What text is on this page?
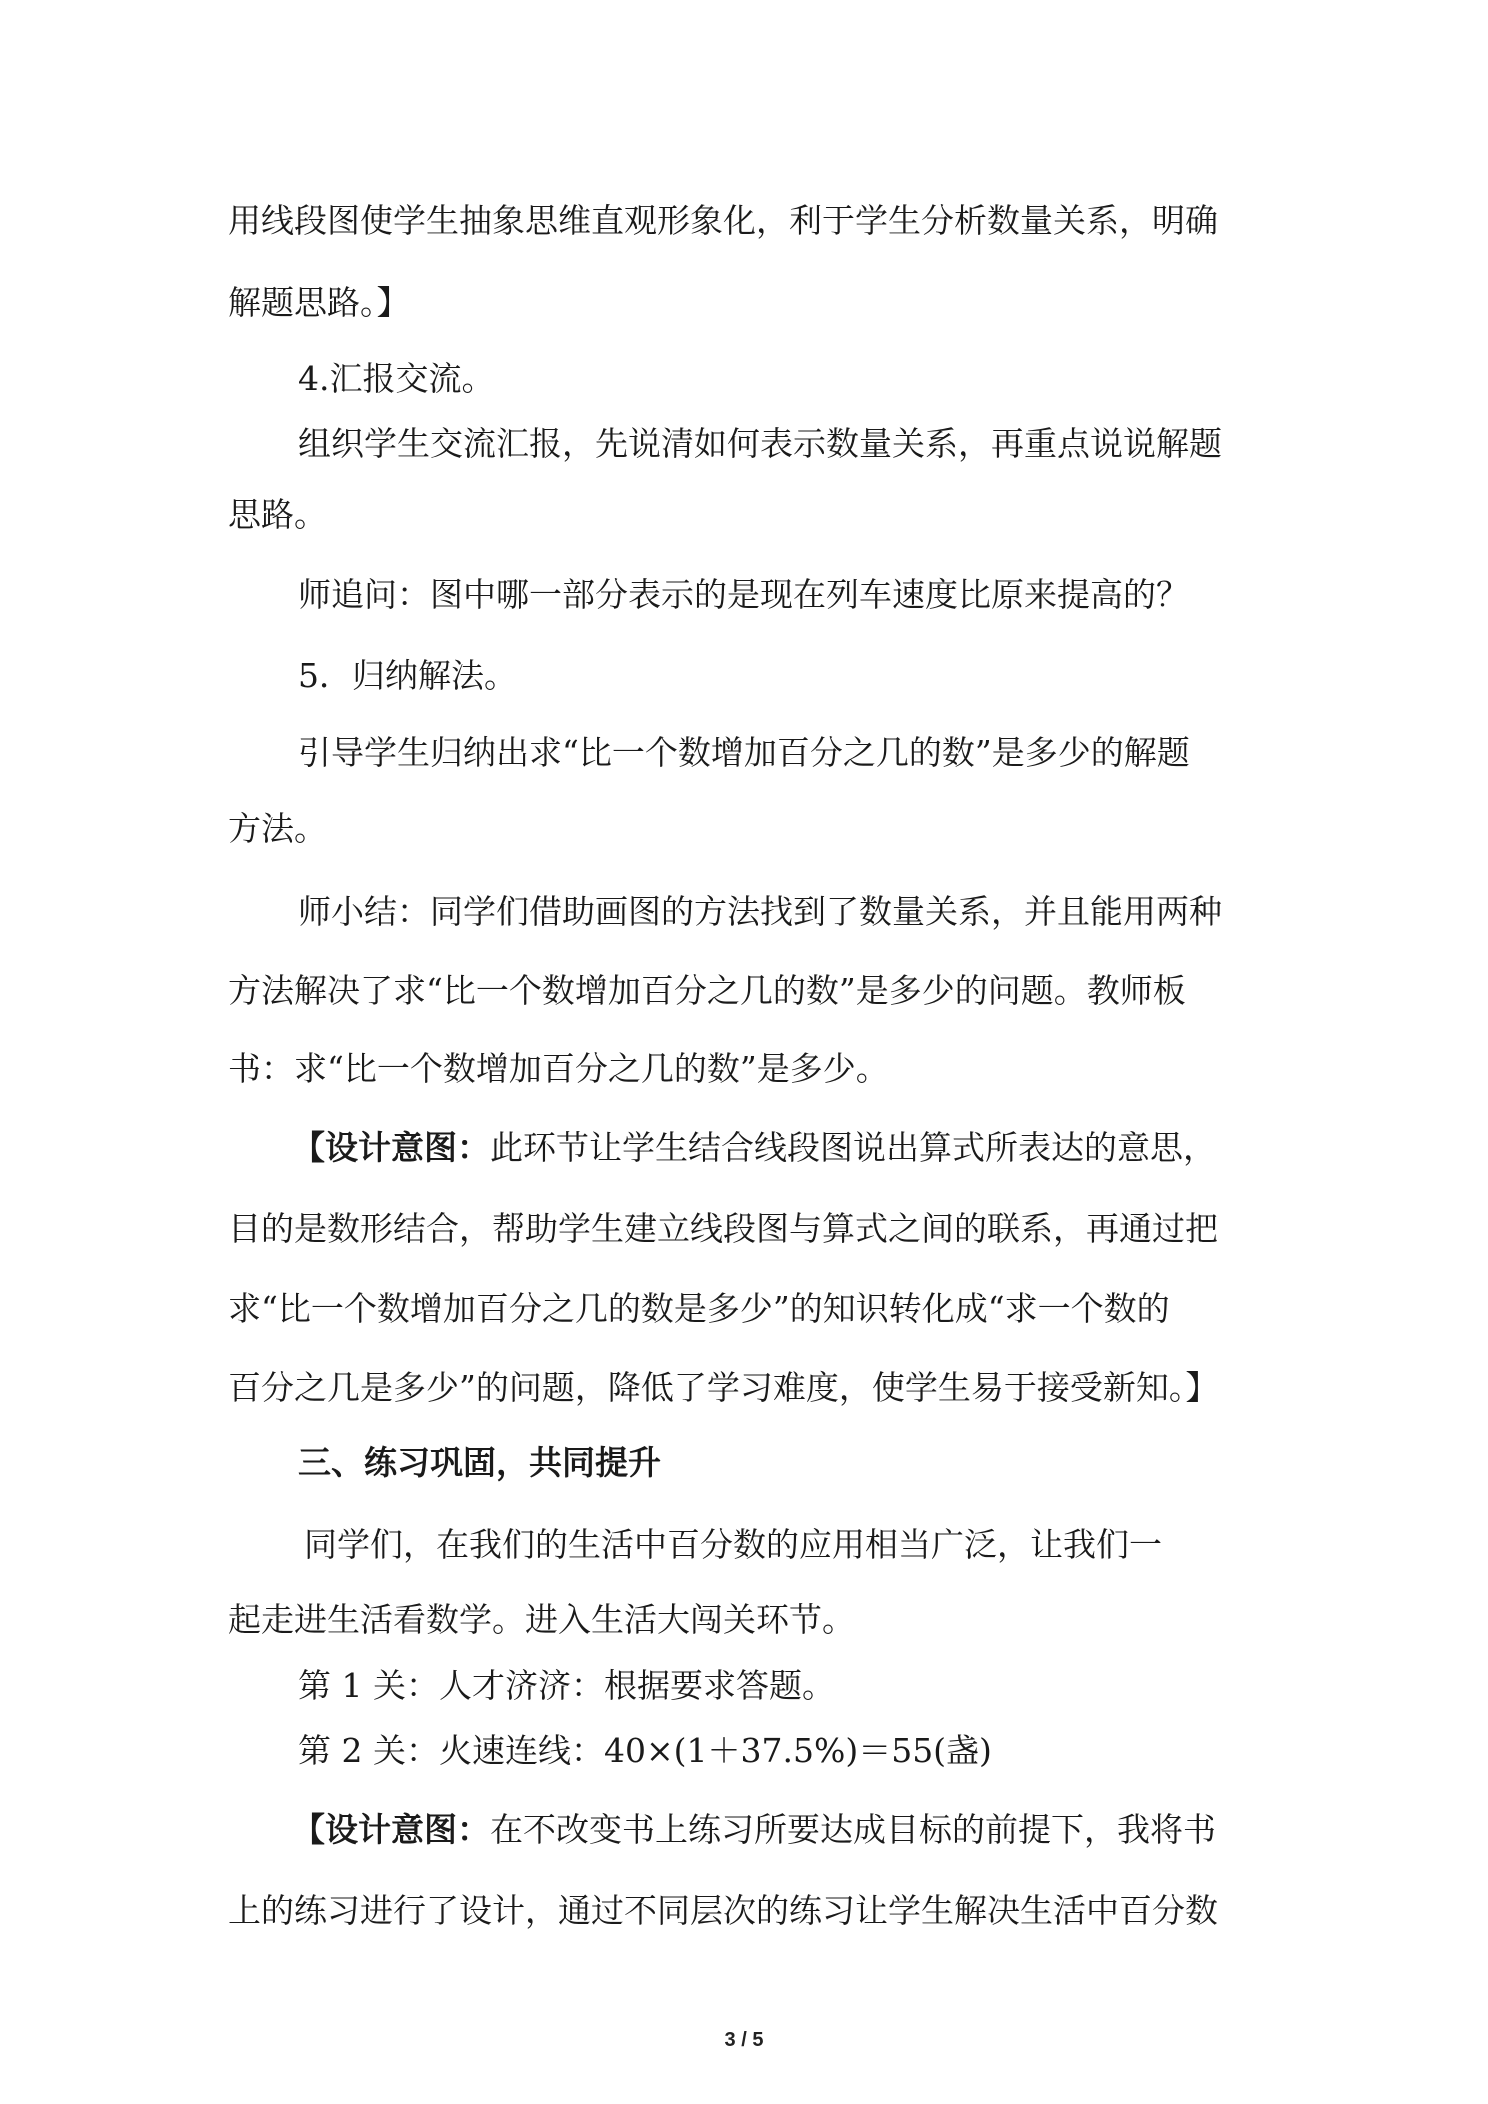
用线段图使学生抽象思维直观形象化，利于学生分析数量关系，明确
解题思路。】
4.汇报交流。
组织学生交流汇报，先说清如何表示数量关系，再重点说说解题
思路。
师追问：图中哪一部分表示的是现在列车速度比原来提高的？
5．归纳解法。
引导学生归纳出求“比一个数增加百分之几的数”是多少的解题
方法。
师小结：同学们借助画图的方法找到了数量关系，并且能用两种
方法解决了求“比一个数增加百分之几的数”是多少的问题。教师板
书：求“比一个数增加百分之几的数”是多少。
【设计意图：此环节让学生结合线段图说出算式所表达的意思，
目的是数形结合，帮助学生建立线段图与算式之间的联系，再通过把
求“比一个数增加百分之几的数是多少”的知识转化成“求一个数的
百分之几是多少”的问题，降低了学习难度，使学生易于接受新知。】
三、练习巩固，共同提升
同学们，在我们的生活中百分数的应用相当广泛，让我们一
起走进生活看数学。进入生活大闯关环节。
第 1 关：人才济济：根据要求答题。
第 2 关：火速连线：40×(1＋37.5%)＝55(盏)
【设计意图：在不改变书上练习所要达成目标的前提下，我将书
上的练习进行了设计，通过不同层次的练习让学生解决生活中百分数
3 / 5
